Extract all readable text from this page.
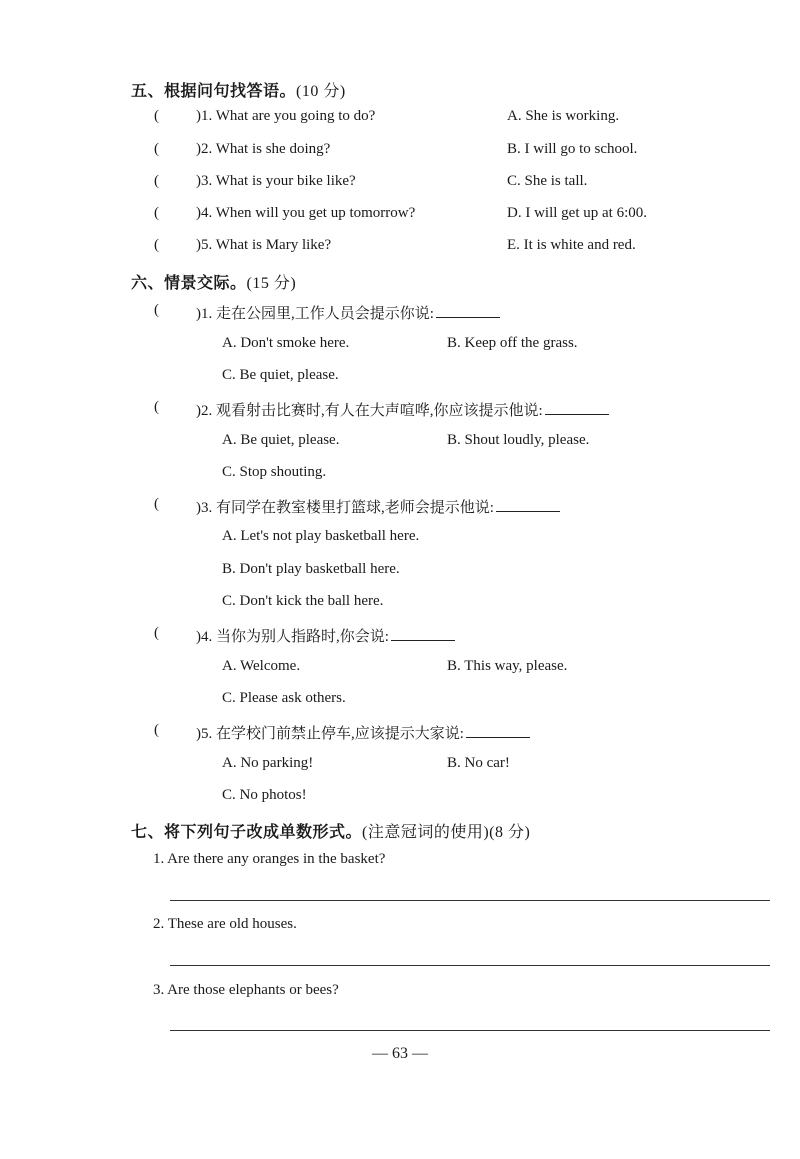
五、根据问句找答语。(10 分)
( )1. What are you going to do?	A. She is working.
( )2. What is she doing?	B. I will go to school.
( )3. What is your bike like?	C. She is tall.
( )4. When will you get up tomorrow?	D. I will get up at 6:00.
( )5. What is Mary like?	E. It is white and red.
六、情景交际。(15 分)
( )1. 走在公园里,工作人员会提示你说:
A. Don't smoke here.	B. Keep off the grass.
C. Be quiet, please.
( )2. 观看射击比赛时,有人在大声喧哗,你应该提示他说:
A. Be quiet, please.	B. Shout loudly, please.
C. Stop shouting.
( )3. 有同学在教室楼里打篮球,老师会提示他说:
A. Let's not play basketball here.
B. Don't play basketball here.
C. Don't kick the ball here.
( )4. 当你为别人指路时,你会说:
A. Welcome.	B. This way, please.
C. Please ask others.
( )5. 在学校门前禁止停车,应该提示大家说:
A. No parking!	B. No car!
C. No photos!
七、将下列句子改成单数形式。(注意冠词的使用)(8 分)
1. Are there any oranges in the basket?
2. These are old houses.
3. Are those elephants or bees?
— 63 —
